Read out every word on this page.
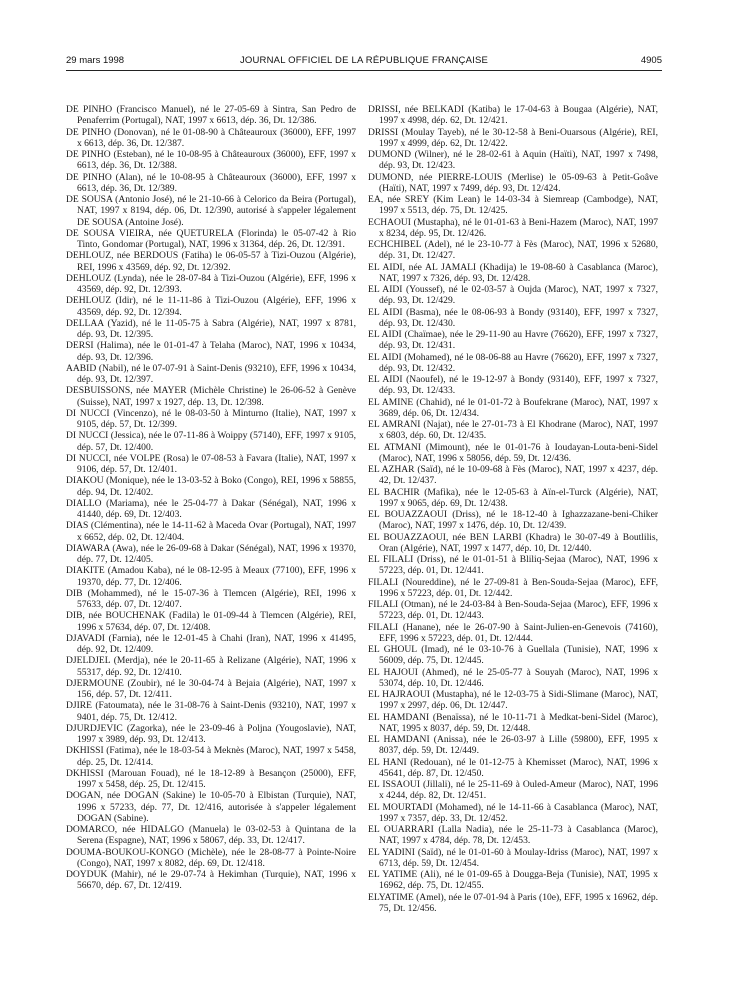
29 mars 1998	JOURNAL OFFICIEL DE LA RÉPUBLIQUE FRANÇAISE	4905

DE PINHO (Francisco Manuel), né le 27-05-69 à Sintra, San Pedro de Penaferrim (Portugal), NAT, 1997 x 6613, dép. 36, Dt. 12/386.

DE PINHO (Donovan), né le 01-08-90 à Châteauroux (36000), EFF, 1997 x 6613, dép. 36, Dt. 12/387.

DE PINHO (Esteban), né le 10-08-95 à Châteauroux (36000), EFF, 1997 x 6613, dép. 36, Dt. 12/388.

DE PINHO (Alan), né le 10-08-95 à Châteauroux (36000), EFF, 1997 x 6613, dép. 36, Dt. 12/389.

DE SOUSA (Antonio José), né le 21-10-66 à Celorico da Beira (Portugal), NAT, 1997 x 8194, dép. 06, Dt. 12/390, autorisé à s'appeler légalement DE SOUSA (Antoine José).

DE SOUSA VIEIRA, née QUETURELA (Florinda) le 05-07-42 à Rio Tinto, Gondomar (Portugal), NAT, 1996 x 31364, dép. 26, Dt. 12/391.

DEHLOUZ, née BERDOUS (Fatiha) le 06-05-57 à Tizi-Ouzou (Algérie), REI, 1996 x 43569, dép. 92, Dt. 12/392.

DEHLOUZ (Lynda), née le 28-07-84 à Tizi-Ouzou (Algérie), EFF, 1996 x 43569, dép. 92, Dt. 12/393.

DEHLOUZ (Idir), né le 11-11-86 à Tizi-Ouzou (Algérie), EFF, 1996 x 43569, dép. 92, Dt. 12/394.

DELLAA (Yazid), né le 11-05-75 à Sabra (Algérie), NAT, 1997 x 8781, dép. 93, Dt. 12/395.

DERSI (Halima), née le 01-01-47 à Telaha (Maroc), NAT, 1996 x 10434, dép. 93, Dt. 12/396.

AABID (Nabil), né le 07-07-91 à Saint-Denis (93210), EFF, 1996 x 10434, dép. 93, Dt. 12/397.

DESBUISSONS, née MAYER (Michèle Christine) le 26-06-52 à Genève (Suisse), NAT, 1997 x 1927, dép. 13, Dt. 12/398.

DI NUCCI (Vincenzo), né le 08-03-50 à Minturno (Italie), NAT, 1997 x 9105, dép. 57, Dt. 12/399.

DI NUCCI (Jessica), née le 07-11-86 à Woippy (57140), EFF, 1997 x 9105, dép. 57, Dt. 12/400.

DI NUCCI, née VOLPE (Rosa) le 07-08-53 à Favara (Italie), NAT, 1997 x 9106, dép. 57, Dt. 12/401.

DIAKOU (Monique), née le 13-03-52 à Boko (Congo), REI, 1996 x 58855, dép. 94, Dt. 12/402.

DIALLO (Mariama), née le 25-04-77 à Dakar (Sénégal), NAT, 1996 x 41440, dép. 69, Dt. 12/403.

DIAS (Clémentina), née le 14-11-62 à Maceda Ovar (Portugal), NAT, 1997 x 6652, dép. 02, Dt. 12/404.

DIAWARA (Awa), née le 26-09-68 à Dakar (Sénégal), NAT, 1996 x 19370, dép. 77, Dt. 12/405.

DIAKITE (Amadou Kaba), né le 08-12-95 à Meaux (77100), EFF, 1996 x 19370, dép. 77, Dt. 12/406.

DIB (Mohammed), né le 15-07-36 à Tlemcen (Algérie), REI, 1996 x 57633, dép. 07, Dt. 12/407.

DIB, née BOUCHENAK (Fadila) le 01-09-44 à Tlemcen (Algérie), REI, 1996 x 57634, dép. 07, Dt. 12/408.

DJAVADI (Farnia), née le 12-01-45 à Chahi (Iran), NAT, 1996 x 41495, dép. 92, Dt. 12/409.

DJELDJEL (Merdja), née le 20-11-65 à Relizane (Algérie), NAT, 1996 x 55317, dép. 92, Dt. 12/410.

DJERMOUNE (Zoubir), né le 30-04-74 à Bejaia (Algérie), NAT, 1997 x 156, dép. 57, Dt. 12/411.

DJIRE (Fatoumata), née le 31-08-76 à Saint-Denis (93210), NAT, 1997 x 9401, dép. 75, Dt. 12/412.

DJURDJEVIC (Zagorka), née le 23-09-46 à Poljna (Yougoslavie), NAT, 1997 x 3989, dép. 93, Dt. 12/413.

DKHISSI (Fatima), née le 18-03-54 à Meknès (Maroc), NAT, 1997 x 5458, dép. 25, Dt. 12/414.

DKHISSI (Marouan Fouad), né le 18-12-89 à Besançon (25000), EFF, 1997 x 5458, dép. 25, Dt. 12/415.

DOGAN, née DOGAN (Sakine) le 10-05-70 à Elbistan (Turquie), NAT, 1996 x 57233, dép. 77, Dt. 12/416, autorisée à s'appeler légalement DOGAN (Sabine).

DOMARCO, née HIDALGO (Manuela) le 03-02-53 à Quintana de la Serena (Espagne), NAT, 1996 x 58067, dép. 33, Dt. 12/417.

DOUMA-BOUKOU-KONGO (Michèle), née le 28-08-77 à Pointe-Noire (Congo), NAT, 1997 x 8082, dép. 69, Dt. 12/418.

DOYDUK (Mahir), né le 29-07-74 à Hekimhan (Turquie), NAT, 1996 x 56670, dép. 67, Dt. 12/419.

DRISSI, née BELKADI (Katiba) le 17-04-63 à Bougaa (Algérie), NAT, 1997 x 4998, dép. 62, Dt. 12/421.

DRISSI (Moulay Tayeb), né le 30-12-58 à Beni-Ouarsous (Algérie), REI, 1997 x 4999, dép. 62, Dt. 12/422.

DUMOND (Wilner), né le 28-02-61 à Aquin (Haïti), NAT, 1997 x 7498, dép. 93, Dt. 12/423.

DUMOND, née PIERRE-LOUIS (Merlise) le 05-09-63 à Petit-Goâve (Haïti), NAT, 1997 x 7499, dép. 93, Dt. 12/424.

EA, née SREY (Kim Lean) le 14-03-34 à Siemreap (Cambodge), NAT, 1997 x 5513, dép. 75, Dt. 12/425.

ECHAOUI (Mustapha), né le 01-01-63 à Beni-Hazem (Maroc), NAT, 1997 x 8234, dép. 95, Dt. 12/426.

ECHCHIBEL (Adel), né le 23-10-77 à Fès (Maroc), NAT, 1996 x 52680, dép. 31, Dt. 12/427.

EL AIDI, née AL JAMALI (Khadija) le 19-08-60 à Casablanca (Maroc), NAT, 1997 x 7326, dép. 93, Dt. 12/428.

EL AIDI (Youssef), né le 02-03-57 à Oujda (Maroc), NAT, 1997 x 7327, dép. 93, Dt. 12/429.

EL AIDI (Basma), née le 08-06-93 à Bondy (93140), EFF, 1997 x 7327, dép. 93, Dt. 12/430.

EL AIDI (Chaïmae), née le 29-11-90 au Havre (76620), EFF, 1997 x 7327, dép. 93, Dt. 12/431.

EL AIDI (Mohamed), né le 08-06-88 au Havre (76620), EFF, 1997 x 7327, dép. 93, Dt. 12/432.

EL AIDI (Naoufel), né le 19-12-97 à Bondy (93140), EFF, 1997 x 7327, dép. 93, Dt. 12/433.

EL AMINE (Chahid), né le 01-01-72 à Boufekrane (Maroc), NAT, 1997 x 3689, dép. 06, Dt. 12/434.

EL AMRANI (Najat), née le 27-01-73 à El Khodrane (Maroc), NAT, 1997 x 6803, dép. 60, Dt. 12/435.

EL ATMANI (Mimount), née le 01-01-76 à Ioudayan-Louta-beni-Sidel (Maroc), NAT, 1996 x 58056, dép. 59, Dt. 12/436.

EL AZHAR (Saïd), né le 10-09-68 à Fès (Maroc), NAT, 1997 x 4237, dép. 42, Dt. 12/437.

EL BACHIR (Mafika), née le 12-05-63 à Aïn-el-Turck (Algérie), NAT, 1997 x 9065, dép. 69, Dt. 12/438.

EL BOUAZZAOUI (Driss), né le 18-12-40 à Ighazzazane-beni-Chiker (Maroc), NAT, 1997 x 1476, dép. 10, Dt. 12/439.

EL BOUAZZAOUI, née BEN LARBI (Khadra) le 30-07-49 à Boutlilis, Oran (Algérie), NAT, 1997 x 1477, dép. 10, Dt. 12/440.

EL FILALI (Driss), né le 01-01-51 à Bliliq-Sejaa (Maroc), NAT, 1996 x 57223, dép. 01, Dt. 12/441.

FILALI (Noureddine), né le 27-09-81 à Ben-Souda-Sejaa (Maroc), EFF, 1996 x 57223, dép. 01, Dt. 12/442.

FILALI (Otman), né le 24-03-84 à Ben-Souda-Sejaa (Maroc), EFF, 1996 x 57223, dép. 01, Dt. 12/443.

FILALI (Hanane), née le 26-07-90 à Saint-Julien-en-Genevois (74160), EFF, 1996 x 57223, dép. 01, Dt. 12/444.

EL GHOUL (Imad), né le 03-10-76 à Guellala (Tunisie), NAT, 1996 x 56009, dép. 75, Dt. 12/445.

EL HAJOUI (Ahmed), né le 25-05-77 à Souyah (Maroc), NAT, 1996 x 53074, dép. 10, Dt. 12/446.

EL HAJRAOUI (Mustapha), né le 12-03-75 à Sidi-Slimane (Maroc), NAT, 1997 x 2997, dép. 06, Dt. 12/447.

EL HAMDANI (Benaïssa), né le 10-11-71 à Medkat-beni-Sidel (Maroc), NAT, 1995 x 8037, dép. 59, Dt. 12/448.

EL HAMDANI (Anissa), née le 26-03-97 à Lille (59800), EFF, 1995 x 8037, dép. 59, Dt. 12/449.

EL HANI (Redouan), né le 01-12-75 à Khemisset (Maroc), NAT, 1996 x 45641, dép. 87, Dt. 12/450.

EL ISSAOUI (Jillali), né le 25-11-69 à Ouled-Ameur (Maroc), NAT, 1996 x 4244, dép. 82, Dt. 12/451.

EL MOURTADI (Mohamed), né le 14-11-66 à Casablanca (Maroc), NAT, 1997 x 7357, dép. 33, Dt. 12/452.

EL OUARRARI (Lalla Nadia), née le 25-11-73 à Casablanca (Maroc), NAT, 1997 x 4784, dép. 78, Dt. 12/453.

EL YADINI (Saïd), né le 01-01-60 à Moulay-Idriss (Maroc), NAT, 1997 x 6713, dép. 59, Dt. 12/454.

EL YATIME (Ali), né le 01-09-65 à Dougga-Beja (Tunisie), NAT, 1995 x 16962, dép. 75, Dt. 12/455.

ELYATIME (Amel), née le 07-01-94 à Paris (10e), EFF, 1995 x 16962, dép. 75, Dt. 12/456.
